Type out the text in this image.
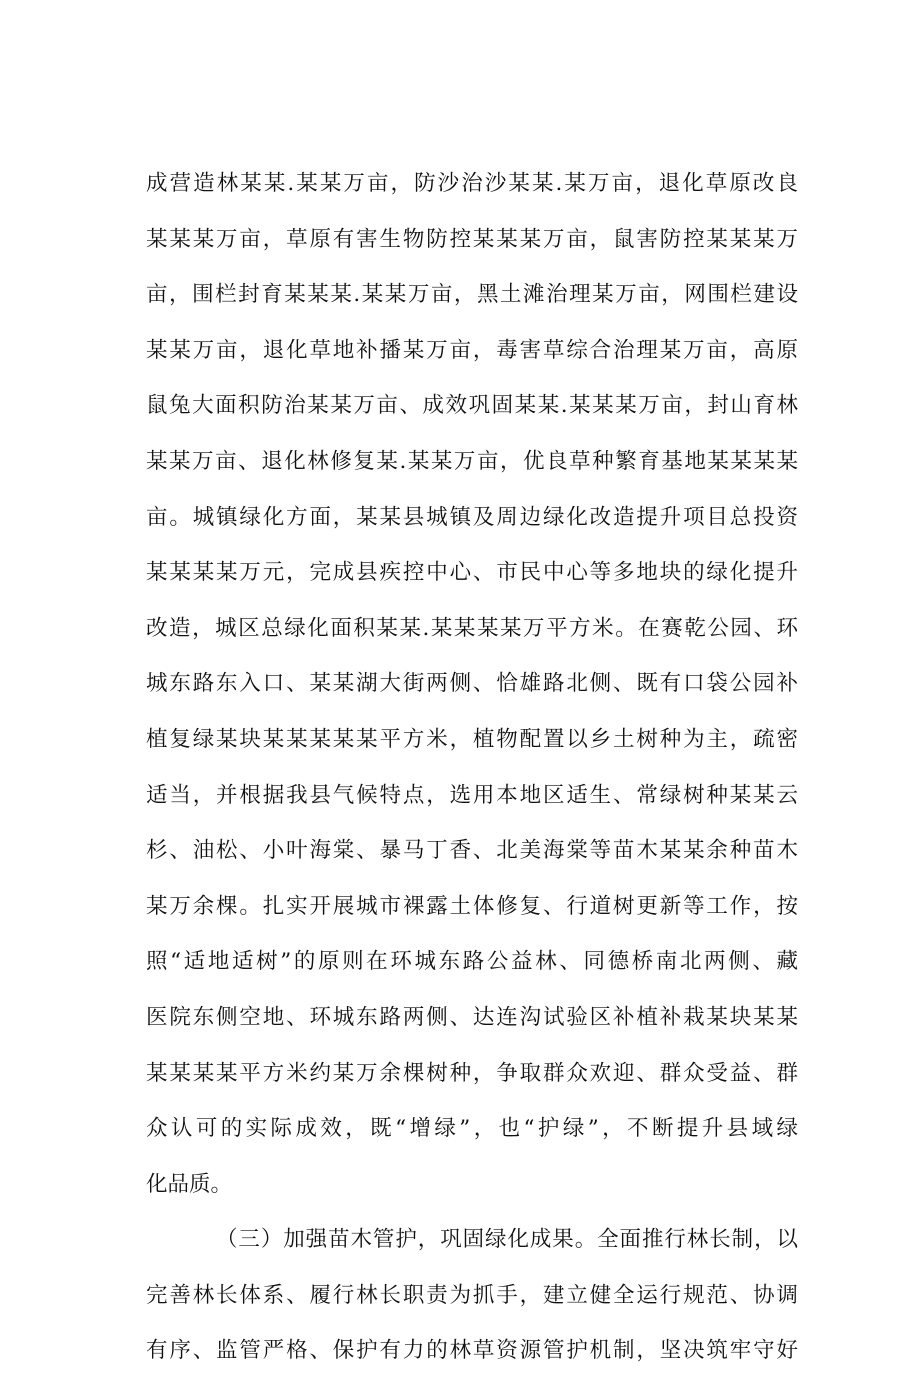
成营造林某某.某某万亩，防沙治沙某某.某万亩，退化草原改良
某某某万亩，草原有害生物防控某某某万亩，鼠害防控某某某万
亩，围栏封育某某某.某某万亩，黑土滩治理某万亩，网围栏建设
某某万亩，退化草地补播某万亩，毒害草综合治理某万亩，高原
鼠兔大面积防治某某万亩、成效巩固某某.某某某万亩，封山育林
某某万亩、退化林修复某.某某万亩，优良草种繁育基地某某某某
亩。城镇绿化方面，某某县城镇及周边绿化改造提升项目总投资
某某某某万元，完成县疾控中心、市民中心等多地块的绿化提升
改造，城区总绿化面积某某.某某某某万平方米。在赛乾公园、环
城东路东入口、某某湖大街两侧、恰雄路北侧、既有口袋公园补
植复绿某块某某某某某平方米，植物配置以乡土树种为主，疏密
适当，并根据我县气候特点，选用本地区适生、常绿树种某某云
杉、油松、小叶海棠、暴马丁香、北美海棠等苗木某某余种苗木
某万余棵。扎实开展城市裸露土体修复、行道树更新等工作，按
照“适地适树”的原则在环城东路公益林、同德桥南北两侧、藏
医院东侧空地、环城东路两侧、达连沟试验区补植补栽某块某某
某某某某平方米约某万余棵树种，争取群众欢迎、群众受益、群
众认可的实际成效，既“增绿”，也“护绿”，不断提升县域绿
化品质。
（三）加强苗木管护，巩固绿化成果。全面推行林长制，以
完善林长体系、履行林长职责为抓手，建立健全运行规范、协调
有序、监管严格、保护有力的林草资源管护机制，坚决筑牢守好
